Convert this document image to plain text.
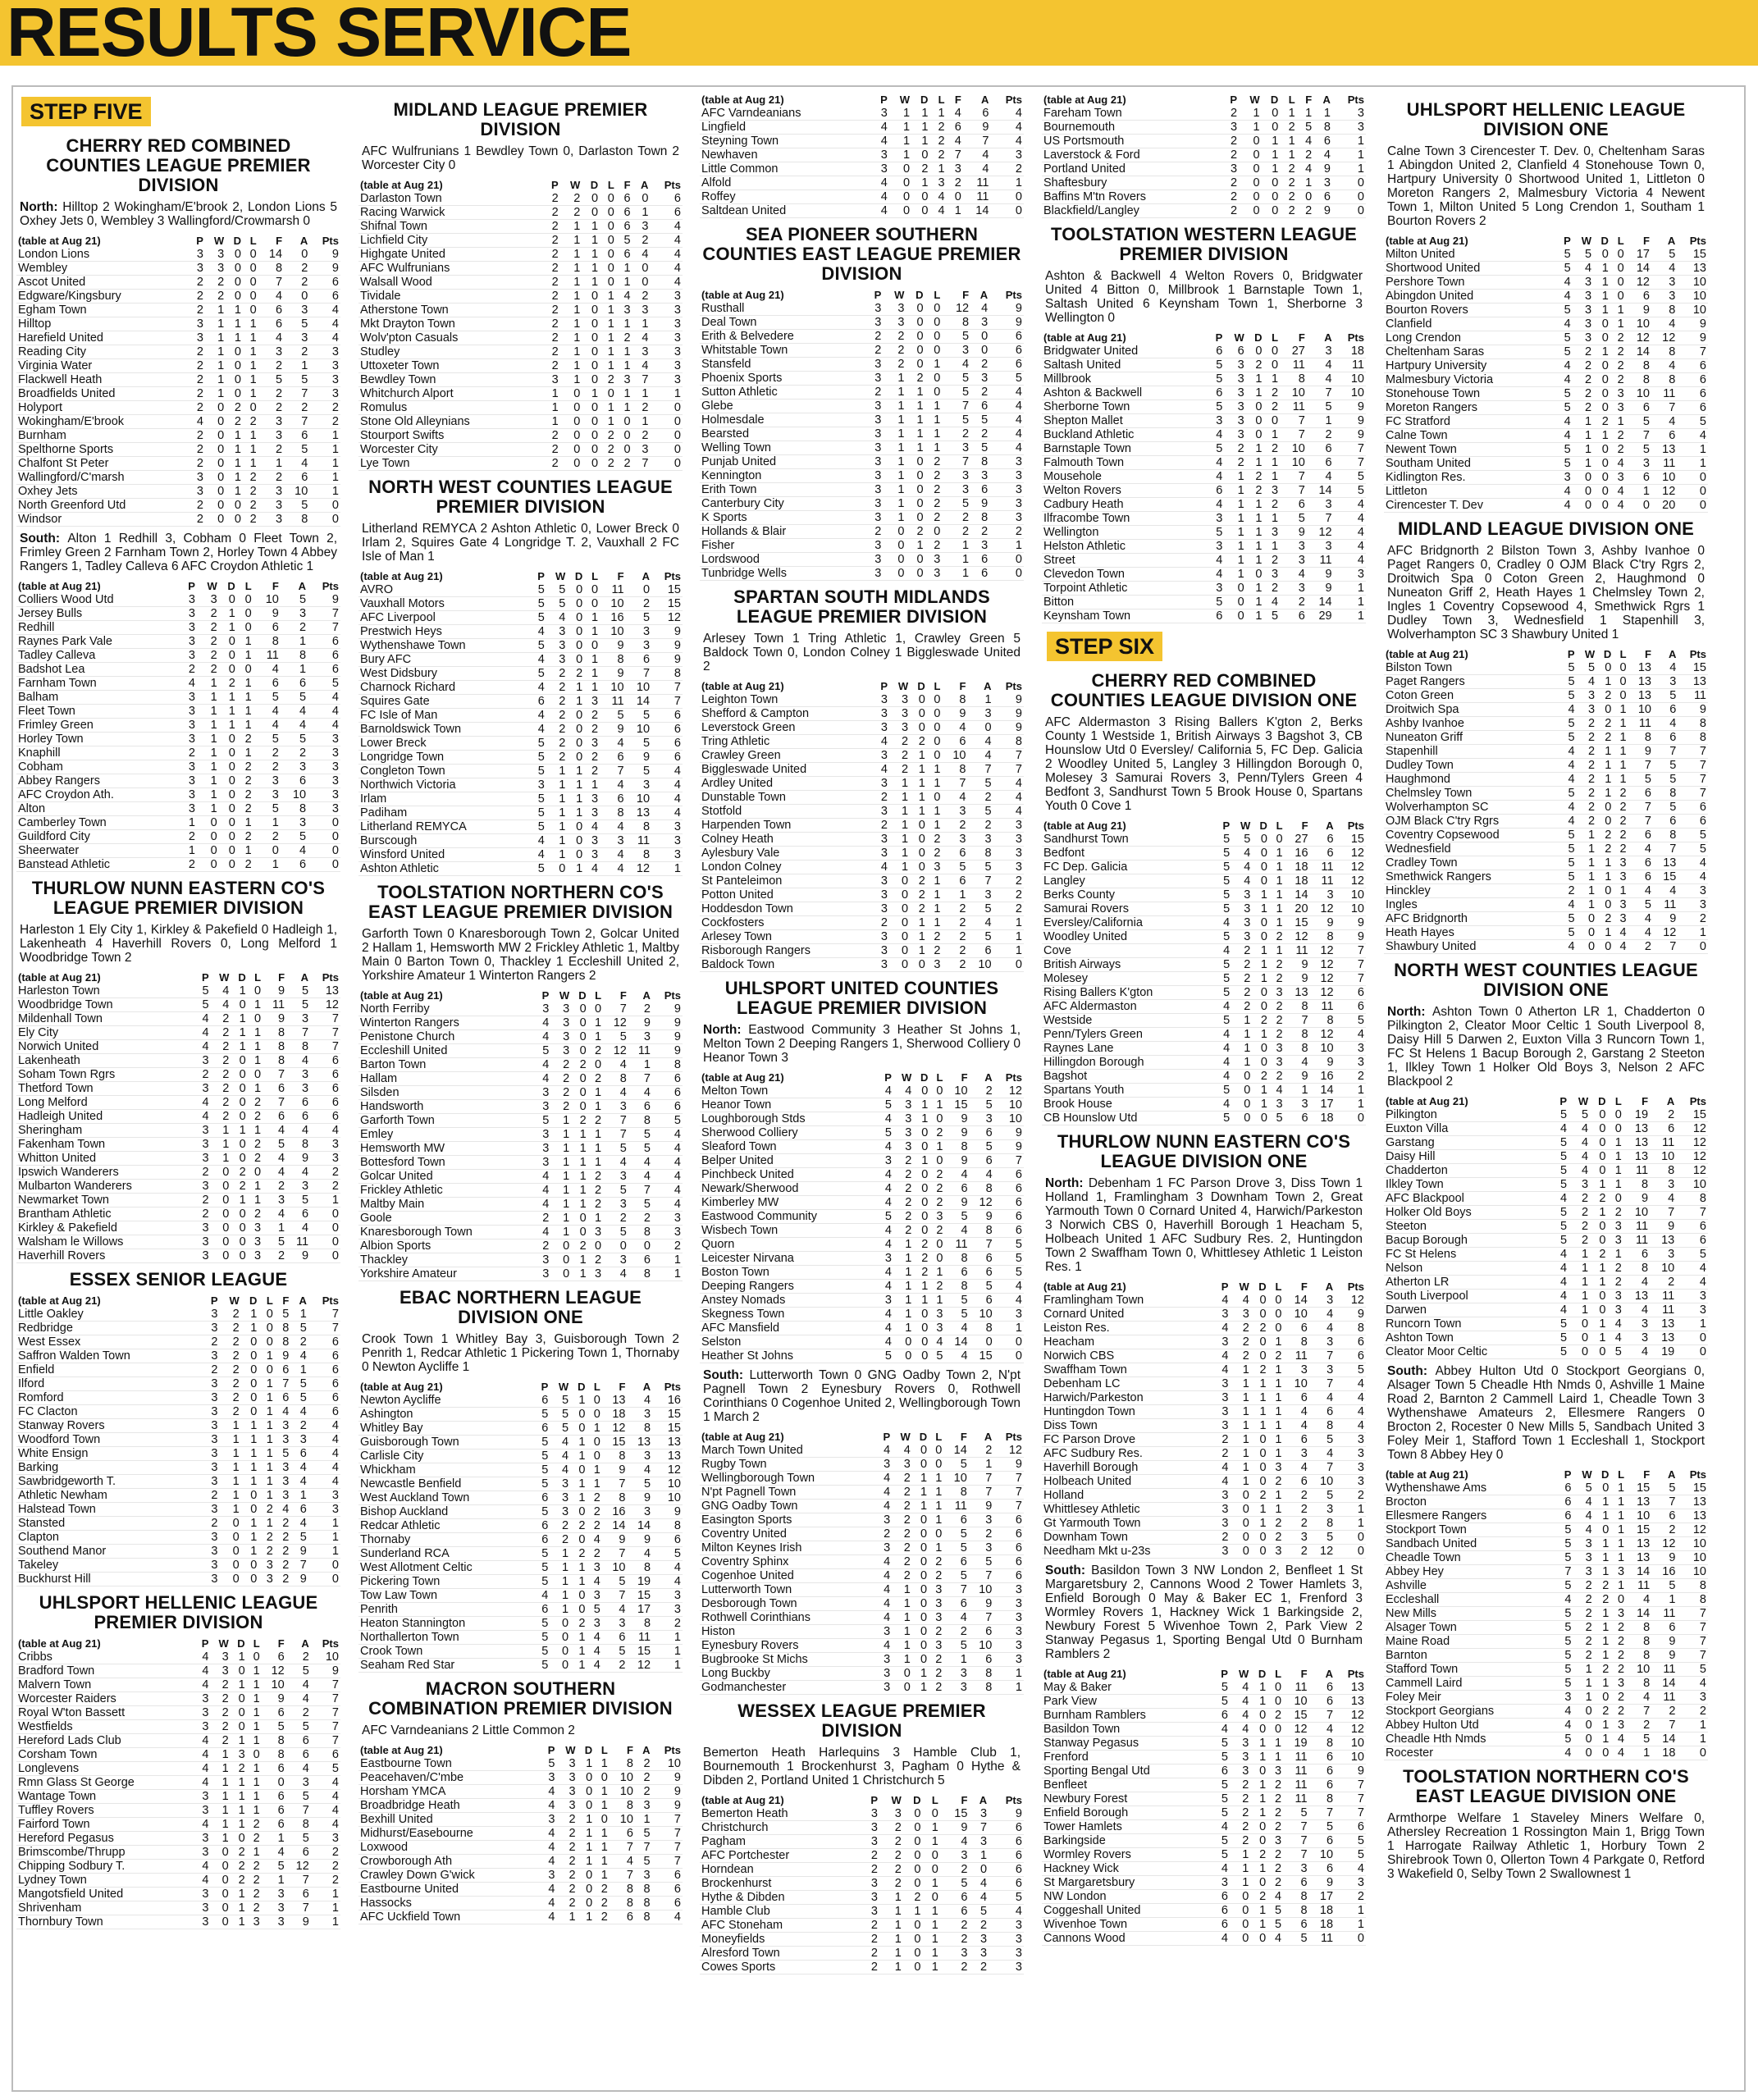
RESULTS SERVICE
STEP FIVE
CHERRY RED COMBINED COUNTIES LEAGUE PREMIER DIVISION
North: Hilltop 2 Wokingham/E'brook 2, London Lions 5 Oxhey Jets 0, Wembley 3 Wallingford/Crowmarsh 0
(table at Aug 21)	P	W	D	L	F	A	Pts
London Lions	3	3	0	0	14	0	9
Wembley	3	3	0	0	8	2	9
Ascot United	2	2	0	0	7	2	6
Edgware/Kingsbury	2	2	0	0	4	0	6
Egham Town	2	1	1	0	6	3	4
Hilltop	3	1	1	1	6	5	4
Harefield United	3	1	1	1	4	3	4
Reading City	2	1	0	1	3	2	3
Virginia Water	2	1	0	1	2	1	3
Flackwell Heath	2	1	0	1	5	5	3
Broadfields United	2	1	0	1	2	7	3
Holyport	2	0	2	0	2	2	2
Wokingham/E'brook	4	0	2	2	3	7	2
Burnham	2	0	1	1	3	6	1
Spelthorne Sports	2	0	1	1	2	5	1
Chalfont St Peter	2	0	1	1	1	4	1
Wallingford/C'marsh	3	0	1	2	2	6	1
Oxhey Jets	3	0	1	2	3	10	1
North Greenford Utd	2	0	0	2	3	5	0
Windsor	2	0	0	2	3	8	0
South: Alton 1 Redhill 3, Cobham 0 Fleet Town 2, Frimley Green 2 Farnham Town 2, Horley Town 4 Abbey Rangers 1, Tadley Calleva 6 AFC Croydon Athletic 1
(table at Aug 21)	P	W	D	L	F	A	Pts
Colliers Wood Utd	3	3	0	0	10	5	9
Jersey Bulls	3	2	1	0	9	3	7
Redhill	3	2	1	0	6	2	7
Raynes Park Vale	3	2	0	1	8	1	6
Tadley Calleva	3	2	0	1	11	8	6
Badshot Lea	2	2	0	0	4	1	6
Farnham Town	4	1	2	1	6	6	5
Balham	3	1	1	1	5	5	4
Fleet Town	3	1	1	1	4	4	4
Frimley Green	3	1	1	1	4	4	4
Horley Town	3	1	0	2	5	5	3
Knaphill	2	1	0	1	2	2	3
Cobham	3	1	0	2	2	3	3
Abbey Rangers	3	1	0	2	3	6	3
AFC Croydon Ath.	3	1	0	2	3	10	3
Alton	3	1	0	2	5	8	3
Camberley Town	1	0	0	1	1	3	0
Guildford City	2	0	0	2	2	5	0
Sheerwater	1	0	0	1	0	4	0
Banstead Athletic	2	0	0	2	1	6	0
THURLOW NUNN EASTERN CO'S LEAGUE PREMIER DIVISION
Harleston 1 Ely City 1, Kirkley & Pakefield 0 Hadleigh 1, Lakenheath 4 Haverhill Rovers 0, Long Melford 1 Woodbridge Town 2
(table at Aug 21)	P	W	D	L	F	A	Pts
Harleston Town	5	4	1	0	9	5	13
Woodbridge Town	5	4	0	1	11	5	12
Mildenhall Town	4	2	1	0	9	3	7
Ely City	4	2	1	1	8	7	7
Norwich United	4	2	1	1	8	8	7
Lakenheath	3	2	0	1	8	4	6
Soham Town Rgrs	2	2	0	0	7	3	6
Thetford Town	3	2	0	1	6	3	6
Long Melford	4	2	0	2	7	6	6
Hadleigh United	4	2	0	2	6	6	6
Sheringham	3	1	1	1	4	4	4
Fakenham Town	3	1	0	2	5	8	3
Whitton United	3	1	0	2	4	9	3
Ipswich Wanderers	2	0	2	0	4	4	2
Mulbarton Wanderers	3	0	2	1	2	3	2
Newmarket Town	2	0	1	1	3	5	1
Brantham Athletic	2	0	0	2	4	6	0
Kirkley & Pakefield	3	0	0	3	1	4	0
Walsham le Willows	3	0	0	3	5	11	0
Haverhill Rovers	3	0	0	3	2	9	0
ESSEX SENIOR LEAGUE
(table at Aug 21)	P	W	D	L	F	A	Pts
Little Oakley	3	2	1	0	5	1	7
Redbridge	3	2	1	0	8	5	7
West Essex	2	2	0	0	8	2	6
Saffron Walden Town	3	2	0	1	9	4	6
Enfield	2	2	0	0	6	1	6
Ilford	3	2	0	1	7	5	6
Romford	3	2	0	1	6	5	6
FC Clacton	3	2	0	1	4	4	6
Stanway Rovers	3	1	1	1	3	2	4
Woodford Town	3	1	1	1	3	3	4
White Ensign	3	1	1	1	5	6	4
Barking	3	1	1	1	3	4	4
Sawbridgeworth T.	3	1	1	1	3	4	4
Athletic Newham	2	1	0	1	3	1	3
Halstead Town	3	1	0	2	4	6	3
Stansted	2	0	1	1	2	4	1
Clapton	3	0	1	2	2	5	1
Southend Manor	3	0	1	2	2	9	1
Takeley	3	0	0	3	2	7	0
Buckhurst Hill	3	0	0	3	2	9	0
UHLSPORT HELLENIC LEAGUE PREMIER DIVISION
(table at Aug 21)	P	W	D	L	F	A	Pts
Cribbs	4	3	1	0	6	2	10
Bradford Town	4	3	0	1	12	5	9
Malvern Town	4	2	1	1	10	4	7
Worcester Raiders	3	2	0	1	9	4	7
Royal W'ton Bassett	3	2	0	1	6	2	7
Westfields	3	2	0	1	5	5	7
Hereford Lads Club	4	2	1	1	8	6	7
Corsham Town	4	1	3	0	8	6	6
Longlevens	4	1	2	1	6	4	5
Rmn Glass St George	4	1	1	1	0	3	4
Wantage Town	3	1	1	1	6	5	4
Tuffley Rovers	3	1	1	1	6	7	4
Fairford Town	4	1	1	2	6	8	4
Hereford Pegasus	3	1	0	2	1	5	3
Brimscombe/Thrupp	3	0	2	1	4	6	2
Chipping Sodbury T.	4	0	2	2	5	12	2
Lydney Town	4	0	2	2	1	7	2
Mangotsfield United	3	0	1	2	3	6	1
Shrivenham	3	0	1	2	3	7	1
Thornbury Town	3	0	1	3	3	9	1
MIDLAND LEAGUE PREMIER DIVISION
AFC Wulfrunians 1 Bewdley Town 0, Darlaston Town 2 Worcester City 0
(table at Aug 21)	P	W	D	L	F	A	Pts
Darlaston Town	2	2	0	0	6	0	6
Racing Warwick	2	2	0	0	6	1	6
Shifnal Town	2	1	1	0	6	3	4
Lichfield City	2	1	1	0	5	2	4
Highgate United	2	1	1	0	6	4	4
AFC Wulfrunians	2	1	1	0	1	0	4
Walsall Wood	2	1	1	0	1	0	4
Tividale	2	1	0	1	4	2	3
Atherstone Town	2	1	0	1	3	3	3
Mkt Drayton Town	2	1	0	1	1	1	3
Wolv'pton Casuals	2	1	0	1	2	4	3
Studley	2	1	0	1	1	3	3
Uttoxeter Town	2	1	0	1	1	4	3
Bewdley Town	3	1	0	2	3	7	3
Whitchurch Alport	1	0	1	0	1	1	1
Romulus	1	0	0	1	1	2	0
Stone Old Alleynians	1	0	0	1	0	1	0
Stourport Swifts	2	0	0	2	0	2	0
Worcester City	2	0	0	2	0	3	0
Lye Town	2	0	0	2	2	7	0
NORTH WEST COUNTIES LEAGUE PREMIER DIVISION
Litherland REMYCA 2 Ashton Athletic 0, Lower Breck 0 Irlam 2, Squires Gate 4 Longridge T. 2, Vauxhall 2 FC Isle of Man 1
(table at Aug 21)	P	W	D	L	F	A	Pts
AVRO	5	5	0	0	11	0	15
Vauxhall Motors	5	5	0	0	10	2	15
AFC Liverpool	5	4	0	1	16	5	12
Prestwich Heys	4	3	0	1	10	3	9
Wythenshawe Town	5	3	0	0	9	3	9
Bury AFC	4	3	0	1	8	6	9
West Didsbury	5	2	2	1	9	7	8
Charnock Richard	4	2	1	1	10	10	7
Squires Gate	6	2	1	3	11	14	7
FC Isle of Man	4	2	0	2	5	5	6
Barnoldswick Town	4	2	0	2	9	10	6
Lower Breck	5	2	0	3	4	5	6
Longridge Town	5	2	0	2	6	9	6
Congleton Town	5	1	1	2	7	5	4
Northwich Victoria	3	1	1	1	4	3	4
Irlam	5	1	1	3	6	10	4
Padiham	5	1	1	3	8	13	4
Litherland REMYCA	5	1	0	4	4	8	3
Burscough	4	1	0	3	3	11	3
Winsford United	4	1	0	3	4	8	3
Ashton Athletic	5	0	1	4	4	12	1
TOOLSTATION NORTHERN CO'S EAST LEAGUE PREMIER DIVISION
Garforth Town 0 Knaresborough Town 2, Golcar United 2 Hallam 1, Hemsworth MW 2 Frickley Athletic 1, Maltby Main 0 Barton Town 0, Thackley 1 Eccleshill United 2, Yorkshire Amateur 1 Winterton Rangers 2
(table at Aug 21)	P	W	D	L	F	A	Pts
North Ferriby	3	3	0	0	7	2	9
Winterton Rangers	4	3	0	1	12	9	9
Penistone Church	4	3	0	1	5	3	9
Eccleshill United	5	3	0	2	12	11	9
Barton Town	4	2	2	0	4	1	8
Hallam	4	2	0	2	8	7	6
Silsden	3	2	0	1	4	4	6
Handsworth	3	2	0	1	3	6	6
Garforth Town	5	1	2	2	7	8	5
Emley	3	1	1	1	7	5	4
Hemsworth MW	3	1	1	1	5	5	4
Bottesford Town	3	1	1	1	4	4	4
Golcar United	4	1	1	2	3	4	4
Frickley Athletic	4	1	1	2	5	7	4
Maltby Main	4	1	1	2	3	5	4
Goole	2	1	0	1	2	2	3
Knaresborough Town	4	1	0	3	5	8	3
Albion Sports	2	0	2	0	0	0	2
Thackley	3	0	1	2	3	6	1
Yorkshire Amateur	3	0	1	3	4	8	1
EBAC NORTHERN LEAGUE DIVISION ONE
Crook Town 1 Whitley Bay 3, Guisborough Town 2 Penrith 1, Redcar Athletic 1 Pickering Town 1, Thornaby 0 Newton Aycliffe 1
(table at Aug 21)	P	W	D	L	F	A	Pts
Newton Aycliffe	6	5	1	0	13	4	16
Ashington	5	5	0	0	18	3	15
Whitley Bay	6	5	0	1	12	8	15
Guisborough Town	5	4	1	0	15	13	13
Carlisle City	5	4	1	0	8	3	13
Whickham	5	4	0	1	9	4	12
Newcastle Benfield	5	3	1	1	7	5	10
West Auckland Town	6	3	1	2	8	9	10
Bishop Auckland	5	3	0	2	16	3	9
Redcar Athletic	6	2	2	2	14	14	8
Thornaby	6	2	0	4	9	9	6
Sunderland RCA	5	1	2	2	7	4	5
West Allotment Celtic	5	1	1	3	10	8	4
Pickering Town	5	1	1	4	5	19	4
Tow Law Town	4	1	0	3	7	15	3
Penrith	6	1	0	5	4	17	3
Heaton Stannington	5	0	2	3	3	8	2
Northallerton Town	5	0	1	4	6	11	1
Crook Town	5	0	1	4	5	15	1
Seaham Red Star	5	0	1	4	2	12	1
MACRON SOUTHERN COMBINATION PREMIER DIVISION
AFC Varndeanians 2 Little Common 2
(table at Aug 21)	P	W	D	L	F	A	Pts
Eastbourne Town	5	3	1	1	8	2	10
Peacehaven/C'mbe	3	3	0	0	10	2	9
Horsham YMCA	4	3	0	1	10	2	9
Broadbridge Heath	4	3	0	1	8	3	9
Bexhill United	3	2	1	0	10	1	7
Midhurst/Easebourne	4	2	1	1	6	5	7
Loxwood	4	2	1	1	7	7	7
Crowborough Ath	4	2	1	1	4	5	7
Crawley Down G'wick	3	2	0	1	7	3	6
Eastbourne United	4	2	0	2	8	8	6
Hassocks	4	2	0	2	8	8	6
AFC Uckfield Town	4	1	1	2	6	8	4
(table at Aug 21)	P	W	D	L	F	A	Pts
AFC Varndeanians	3	1	1	1	4	6	4
Lingfield	4	1	1	2	6	9	4
Steyning Town	4	1	1	2	4	7	4
Newhaven	3	1	0	2	7	4	3
Little Common	3	0	2	1	3	4	2
Alfold	4	0	1	3	2	11	1
Roffey	4	0	0	4	0	11	0
Saltdean United	4	0	0	4	1	14	0
SEA PIONEER SOUTHERN COUNTIES EAST LEAGUE PREMIER DIVISION
(table at Aug 21)	P	W	D	L	F	A	Pts
Rusthall	3	3	0	0	12	4	9
Deal Town	3	3	0	0	8	3	9
Erith & Belvedere	2	2	0	0	5	0	6
Whitstable Town	2	2	0	0	3	0	6
Stansfeld	3	2	0	1	4	2	6
Phoenix Sports	3	1	2	0	5	3	5
Sutton Athletic	2	1	1	0	5	2	4
Glebe	3	1	1	1	7	6	4
Holmesdale	3	1	1	1	5	5	4
Bearsted	3	1	1	1	2	2	4
Welling Town	3	1	1	1	3	5	4
Punjab United	3	1	0	2	7	8	3
Kennington	3	1	0	2	3	3	3
Erith Town	3	1	0	2	3	6	3
Canterbury City	3	1	0	2	5	9	3
K Sports	3	1	0	2	2	8	3
Hollands & Blair	2	0	2	0	2	2	2
Fisher	3	0	1	2	1	3	1
Lordswood	3	0	0	3	1	6	0
Tunbridge Wells	3	0	0	3	1	6	0
SPARTAN SOUTH MIDLANDS LEAGUE PREMIER DIVISION
Arlesey Town 1 Tring Athletic 1, Crawley Green 5 Baldock Town 0, London Colney 1 Biggleswade United 2
(table at Aug 21)	P	W	D	L	F	A	Pts
Leighton Town	3	3	0	0	8	1	9
Shefford & Campton	3	3	0	0	9	3	9
Leverstock Green	3	3	0	0	4	0	9
Tring Athletic	4	2	2	0	6	4	8
Crawley Green	3	2	1	0	10	4	7
Biggleswade United	4	2	1	1	8	7	7
Ardley United	3	1	1	1	7	5	4
Dunstable Town	2	1	1	0	4	2	4
Stotfold	3	1	1	1	3	5	4
Harpenden Town	2	1	0	1	2	2	3
Colney Heath	3	1	0	2	3	3	3
Aylesbury Vale	3	1	0	2	6	8	3
London Colney	4	1	0	3	5	5	3
St Panteleimon	3	0	2	1	6	7	2
Potton United	3	0	2	1	1	3	2
Hoddesdon Town	3	0	2	1	2	5	2
Cockfosters	2	0	1	1	2	4	1
Arlesey Town	3	0	1	2	2	5	1
Risborough Rangers	3	0	1	2	2	6	1
Baldock Town	3	0	0	3	2	10	0
UHLSPORT UNITED COUNTIES LEAGUE PREMIER DIVISION
North: Eastwood Community 3 Heather St Johns 1, Melton Town 2 Deeping Rangers 1, Sherwood Colliery 0 Heanor Town 3
(table at Aug 21)	P	W	D	L	F	A	Pts
Melton Town	4	4	0	0	10	2	12
Heanor Town	5	3	1	1	15	5	10
Loughborough Stds	4	3	1	0	9	3	10
Sherwood Colliery	5	3	0	2	9	6	9
Sleaford Town	4	3	0	1	8	5	9
Belper United	3	2	1	0	9	6	7
Pinchbeck United	4	2	0	2	4	4	6
Newark/Sherwood	4	2	0	2	6	8	6
Kimberley MW	4	2	0	2	9	12	6
Eastwood Community	5	2	0	3	5	9	6
Wisbech Town	4	2	0	2	4	8	6
Quorn	4	1	2	0	11	7	5
Leicester Nirvana	3	1	2	0	8	6	5
Boston Town	4	1	2	1	6	6	5
Deeping Rangers	4	1	1	2	8	5	4
Anstey Nomads	3	1	1	1	5	6	4
Skegness Town	4	1	0	3	5	10	3
AFC Mansfield	4	1	0	3	4	8	1
Selston	4	0	0	4	14	0	0
Heather St Johns	5	0	0	5	4	15	0
South: Lutterworth Town 0 GNG Oadby Town 2, N'pt Pagnell Town 2 Eynesbury Rovers 0, Rothwell Corinthians 0 Cogenhoe United 2, Wellingborough Town 1 March 2
(table at Aug 21)	P	W	D	L	F	A	Pts
March Town United	4	4	0	0	14	2	12
Rugby Town	3	3	0	0	5	1	9
Wellingborough Town	4	2	1	1	10	7	7
N'pt Pagnell Town	4	2	1	1	8	7	7
GNG Oadby Town	4	2	1	1	11	9	7
Easington Sports	3	2	0	1	6	3	6
Coventry United	2	2	0	0	5	2	6
Milton Keynes Irish	3	2	0	1	5	3	6
Coventry Sphinx	4	2	0	2	6	5	6
Cogenhoe United	4	2	0	2	5	7	6
Lutterworth Town	4	1	0	3	7	10	3
Desborough Town	4	1	0	3	6	9	3
Rothwell Corinthians	4	1	0	3	4	7	3
Histon	3	1	0	2	2	6	3
Eynesbury Rovers	4	1	0	3	5	10	3
Bugbrooke St Michs	3	1	0	2	1	6	3
Long Buckby	3	0	1	2	3	8	1
Godmanchester	3	0	1	2	3	8	1
WESSEX LEAGUE PREMIER DIVISION
Bemerton Heath Harlequins 3 Hamble Club 1, Bournemouth 1 Brockenhurst 3, Pagham 0 Hythe & Dibden 2, Portland United 1 Christchurch 5
(table at Aug 21)	P	W	D	L	F	A	Pts
Bemerton Heath	3	3	0	0	15	3	9
Christchurch	3	2	0	1	9	7	6
Pagham	3	2	0	1	4	3	6
AFC Portchester	2	2	0	0	3	1	6
Horndean	2	2	0	0	2	0	6
Brockenhurst	3	2	0	1	5	4	6
Hythe & Dibden	3	1	2	0	6	4	5
Hamble Club	3	1	1	1	6	5	4
AFC Stoneham	2	1	0	1	2	2	3
Moneyfields	2	1	0	1	2	3	3
Alresford Town	2	1	0	1	3	3	3
Cowes Sports	2	1	0	1	2	2	3
(table at Aug 21)	P	W	D	L	F	A	Pts
Fareham Town	2	1	0	1	1	1	3
Bournemouth	3	1	0	2	5	8	3
US Portsmouth	2	0	1	1	4	6	1
Laverstock & Ford	2	0	1	1	2	4	1
Portland United	3	0	1	2	4	9	1
Shaftesbury	2	0	0	2	1	3	0
Baffins M'tn Rovers	2	0	0	2	0	6	0
Blackfield/Langley	2	0	0	2	2	9	0
TOOLSTATION WESTERN LEAGUE PREMIER DIVISION
Ashton & Backwell 4 Welton Rovers 0, Bridgwater United 4 Bitton 0, Millbrook 1 Barnstaple Town 1, Saltash United 6 Keynsham Town 1, Sherborne 3 Wellington 0
(table at Aug 21)	P	W	D	L	F	A	Pts
Bridgwater United	6	6	0	0	27	3	18
Saltash United	5	3	2	0	11	4	11
Millbrook	5	3	1	1	8	4	10
Ashton & Backwell	6	3	1	2	10	7	10
Sherborne Town	5	3	0	2	11	5	9
Shepton Mallet	3	3	0	0	7	1	9
Buckland Athletic	4	3	0	1	7	2	9
Barnstaple Town	5	2	1	2	10	6	7
Falmouth Town	4	2	1	1	10	6	7
Mousehole	4	1	2	1	7	4	5
Welton Rovers	6	1	2	3	7	14	5
Cadbury Heath	4	1	1	2	6	3	4
Ilfracombe Town	3	1	1	1	5	7	4
Wellington	5	1	1	3	9	12	4
Helston Athletic	3	1	1	1	3	3	4
Street	4	1	1	2	3	11	4
Clevedon Town	4	1	0	3	4	9	3
Torpoint Athletic	3	0	1	2	3	9	1
Bitton	5	0	1	4	2	14	1
Keynsham Town	6	0	1	5	6	29	1
STEP SIX
CHERRY RED COMBINED COUNTIES LEAGUE DIVISION ONE
AFC Aldermaston 3 Rising Ballers K'gton 2, Berks County 1 Westside 1, British Airways 3 Bagshot 3, CB Hounslow Utd 0 Eversley/ California 5, FC Dep. Galicia 2 Woodley United 5, Langley 3 Hillingdon Borough 0, Molesey 3 Samurai Rovers 3, Penn/Tylers Green 4 Bedfont 3, Sandhurst Town 5 Brook House 0, Spartans Youth 0 Cove 1
(table at Aug 21)	P	W	D	L	F	A	Pts
Sandhurst Town	5	5	0	0	27	6	15
Bedfont	5	4	0	1	16	6	12
FC Dep. Galicia	5	4	0	1	18	11	12
Langley	5	4	0	1	18	11	12
Berks County	5	3	1	1	14	3	10
Samurai Rovers	5	3	1	1	20	12	10
Eversley/California	4	3	0	1	15	9	9
Woodley United	5	3	0	2	12	8	9
Cove	4	2	1	1	11	12	7
British Airways	5	2	1	2	9	12	7
Molesey	5	2	1	2	9	12	7
Rising Ballers K'gton	5	2	0	3	13	12	6
AFC Aldermaston	4	2	0	2	8	11	6
Westside	5	1	2	2	7	8	5
Penn/Tylers Green	4	1	1	2	8	12	4
Raynes Lane	4	1	0	3	8	10	3
Hillingdon Borough	4	1	0	3	4	9	3
Bagshot	4	0	2	2	9	16	2
Spartans Youth	5	0	1	4	1	14	1
Brook House	4	0	1	3	3	17	1
CB Hounslow Utd	5	0	0	5	6	18	0
THURLOW NUNN EASTERN CO'S LEAGUE DIVISION ONE
North: Debenham 1 FC Parson Drove 3, Diss Town 1 Holland 1, Framlingham 3 Downham Town 2, Great Yarmouth Town 0 Cornard United 4, Harwich/Parkeston 3 Norwich CBS 0, Haverhill Borough 1 Heacham 5, Holbeach United 1 AFC Sudbury Res. 2, Huntingdon Town 2 Swaffham Town 0, Whittlesey Athletic 1 Leiston Res. 1
(table at Aug 21)	P	W	D	L	F	A	Pts
Framlingham Town	4	4	0	0	14	3	12
Cornard United	3	3	0	0	10	4	9
Leiston Res.	4	2	2	0	6	4	8
Heacham	3	2	0	1	8	3	6
Norwich CBS	4	2	0	2	11	7	6
Swaffham Town	4	1	2	1	3	3	5
Debenham LC	3	1	1	1	10	7	4
Harwich/Parkeston	3	1	1	1	6	4	4
Huntingdon Town	3	1	1	1	4	6	4
Diss Town	3	1	1	1	4	8	4
FC Parson Drove	2	1	0	1	6	5	3
AFC Sudbury Res.	2	1	0	1	3	4	3
Haverhill Borough	4	1	0	3	4	7	3
Holbeach United	4	1	0	2	6	10	3
Holland	3	0	2	1	2	5	2
Whittlesey Athletic	3	0	1	1	2	3	1
Gt Yarmouth Town	3	0	1	2	2	8	1
Downham Town	2	0	0	2	3	5	0
Needham Mkt u-23s	3	0	0	3	2	12	0
South: Basildon Town 3 NW London 2, Benfleet 1 St Margaretsbury 2, Cannons Wood 2 Tower Hamlets 3, Enfield Borough 0 May & Baker EC 1, Frenford 3 Wormley Rovers 1, Hackney Wick 1 Barkingside 2, Newbury Forest 5 Wivenhoe Town 2, Park View 2 Stanway Pegasus 1, Sporting Bengal Utd 0 Burnham Ramblers 2
(table at Aug 21)	P	W	D	L	F	A	Pts
May & Baker	5	4	1	0	11	6	13
Park View	5	4	1	0	10	6	13
Burnham Ramblers	6	4	0	2	15	7	12
Basildon Town	4	4	0	0	12	4	12
Stanway Pegasus	5	3	1	1	19	8	10
Frenford	5	3	1	1	11	6	10
Sporting Bengal Utd	6	3	0	3	11	6	9
Benfleet	5	2	1	2	11	6	7
Newbury Forest	5	2	1	2	11	8	7
Enfield Borough	5	2	1	2	5	7	7
Tower Hamlets	4	2	0	2	7	5	6
Barkingside	5	2	0	3	7	6	5
Wormley Rovers	5	1	2	2	7	10	5
Hackney Wick	4	1	1	2	3	6	4
St Margaretsbury	3	1	0	2	6	9	3
NW London	6	0	2	4	8	17	2
Coggeshall United	6	0	1	5	8	18	1
Wivenhoe Town	6	0	1	5	6	18	1
Cannons Wood	4	0	0	4	5	11	0
UHLSPORT HELLENIC LEAGUE DIVISION ONE
Calne Town 3 Cirencester T. Dev. 0, Cheltenham Saras 1 Abingdon United 2, Clanfield 4 Stonehouse Town 0, Hartpury University 0 Shortwood United 1, Littleton 0 Moreton Rangers 2, Malmesbury Victoria 4 Newent Town 1, Milton United 5 Long Crendon 1, Southam 1 Bourton Rovers 2
(table at Aug 21)	P	W	D	L	F	A	Pts
Milton United	5	5	0	0	17	5	15
Shortwood United	5	4	1	0	14	4	13
Pershore Town	4	3	1	0	12	3	10
Abingdon United	4	3	1	0	6	3	10
Bourton Rovers	5	3	1	1	9	8	10
Clanfield	4	3	0	1	10	4	9
Long Crendon	5	3	0	2	12	12	9
Cheltenham Saras	5	2	1	2	14	8	7
Hartpury University	4	2	0	2	8	4	6
Malmesbury Victoria	4	2	0	2	8	8	6
Stonehouse Town	5	2	0	3	10	11	6
Moreton Rangers	5	2	0	3	6	7	6
FC Stratford	4	1	2	1	5	4	5
Calne Town	4	1	1	2	7	6	4
Newent Town	5	1	0	2	5	13	1
Southam United	5	1	0	4	3	11	1
Kidlington Res.	3	0	0	3	6	10	0
Littleton	4	0	0	4	1	12	0
Cirencester T. Dev	4	0	0	4	0	20	0
MIDLAND LEAGUE DIVISION ONE
AFC Bridgnorth 2 Bilston Town 3, Ashby Ivanhoe 0 Paget Rangers 0, Cradley 0 OJM Black C'try Rgrs 2, Droitwich Spa 0 Coton Green 2, Haughmond 0 Nuneaton Griff 2, Heath Hayes 1 Chelmsley Town 2, Ingles 1 Coventry Copsewood 4, Smethwick Rgrs 1 Dudley Town 3, Wednesfield 1 Stapenhill 3, Wolverhampton SC 3 Shawbury United 1
(table at Aug 21)	P	W	D	L	F	A	Pts
Bilston Town	5	5	0	0	13	4	15
Paget Rangers	5	4	1	0	13	3	13
Coton Green	5	3	2	0	13	5	11
Droitwich Spa	4	3	0	1	10	6	9
Ashby Ivanhoe	5	2	2	1	11	4	8
Nuneaton Griff	5	2	2	1	8	6	8
Stapenhill	4	2	1	1	9	7	7
Dudley Town	4	2	1	1	7	5	7
Haughmond	4	2	1	1	5	5	7
Chelmsley Town	5	2	1	2	6	8	7
Wolverhampton SC	4	2	0	2	7	5	6
OJM Black C'try Rgrs	4	2	0	2	7	6	6
Coventry Copsewood	5	1	2	2	6	8	5
Wednesfield	5	1	2	2	4	7	5
Cradley Town	5	1	1	3	6	13	4
Smethwick Rangers	5	1	1	3	6	15	4
Hinckley	2	1	0	1	4	4	3
Ingles	4	1	0	3	5	11	3
AFC Bridgnorth	5	0	2	3	4	9	2
Heath Hayes	5	0	1	4	4	12	1
Shawbury United	4	0	0	4	2	7	0
NORTH WEST COUNTIES LEAGUE DIVISION ONE
North: Ashton Town 0 Atherton LR 1, Chadderton 0 Pilkington 2, Cleator Moor Celtic 1 South Liverpool 8, Daisy Hill 5 Darwen 2, Euxton Villa 3 Runcorn Town 1, FC St Helens 1 Bacup Borough 2, Garstang 2 Steeton 1, Ilkley Town 1 Holker Old Boys 3, Nelson 2 AFC Blackpool 2
(table at Aug 21)	P	W	D	L	F	A	Pts
Pilkington	5	5	0	0	19	2	15
Euxton Villa	4	4	0	0	13	6	12
Garstang	5	4	0	1	13	11	12
Daisy Hill	5	4	0	1	13	10	12
Chadderton	5	4	0	1	11	8	12
Ilkley Town	5	3	1	1	8	3	10
AFC Blackpool	4	2	2	0	9	4	8
Holker Old Boys	5	2	1	2	10	7	7
Steeton	5	2	0	3	11	9	6
Bacup Borough	5	2	0	3	11	13	6
FC St Helens	4	1	2	1	6	3	5
Nelson	4	1	1	2	8	10	4
Atherton LR	4	1	1	2	4	2	4
South Liverpool	4	1	0	3	13	11	3
Darwen	4	1	0	3	4	11	3
Runcorn Town	5	0	1	4	3	13	1
Ashton Town	5	0	1	4	3	13	0
Cleator Moor Celtic	5	0	0	5	4	19	0
South: Abbey Hulton Utd 0 Stockport Georgians 0, Alsager Town 5 Cheadle Hth Nmds 0, Ashville 1 Maine Road 2, Barnton 2 Cammell Laird 1, Cheadle Town 3 Wythenshawe Amateurs 2, Ellesmere Rangers 0 Brocton 2, Rocester 0 New Mills 5, Sandbach United 3 Foley Meir 1, Stafford Town 1 Eccleshall 1, Stockport Town 8 Abbey Hey 0
(table at Aug 21)	P	W	D	L	F	A	Pts
Wythenshawe Ams	6	5	0	1	15	5	15
Brocton	6	4	1	1	13	7	13
Ellesmere Rangers	6	4	1	1	10	6	13
Stockport Town	5	4	0	1	15	2	12
Sandbach United	5	3	1	1	13	12	10
Cheadle Town	5	3	1	1	13	9	10
Abbey Hey	7	3	1	3	14	16	10
Ashville	5	2	2	1	11	5	8
Eccleshall	4	2	2	0	4	1	8
New Mills	5	2	1	3	14	11	7
Alsager Town	5	2	1	2	8	6	7
Maine Road	5	2	1	2	8	9	7
Barnton	5	2	1	2	8	9	7
Stafford Town	5	1	2	2	10	11	5
Cammell Laird	5	1	1	3	8	14	4
Foley Meir	3	1	0	2	4	11	3
Stockport Georgians	4	0	2	2	7	2	2
Abbey Hulton Utd	4	0	1	3	2	7	1
Cheadle Hth Nmds	5	0	1	4	5	14	1
Rocester	4	0	0	4	1	18	0
TOOLSTATION NORTHERN CO'S EAST LEAGUE DIVISION ONE
Armthorpe Welfare 1 Staveley Miners Welfare 0, Athersley Recreation 1 Rossington Main 1, Brigg Town 1 Harrogate Railway Athletic 1, Horbury Town 2 Shirebrook Town 0, Ollerton Town 4 Parkgate 0, Retford 3 Wakefield 0, Selby Town 2 Swallownest 1
